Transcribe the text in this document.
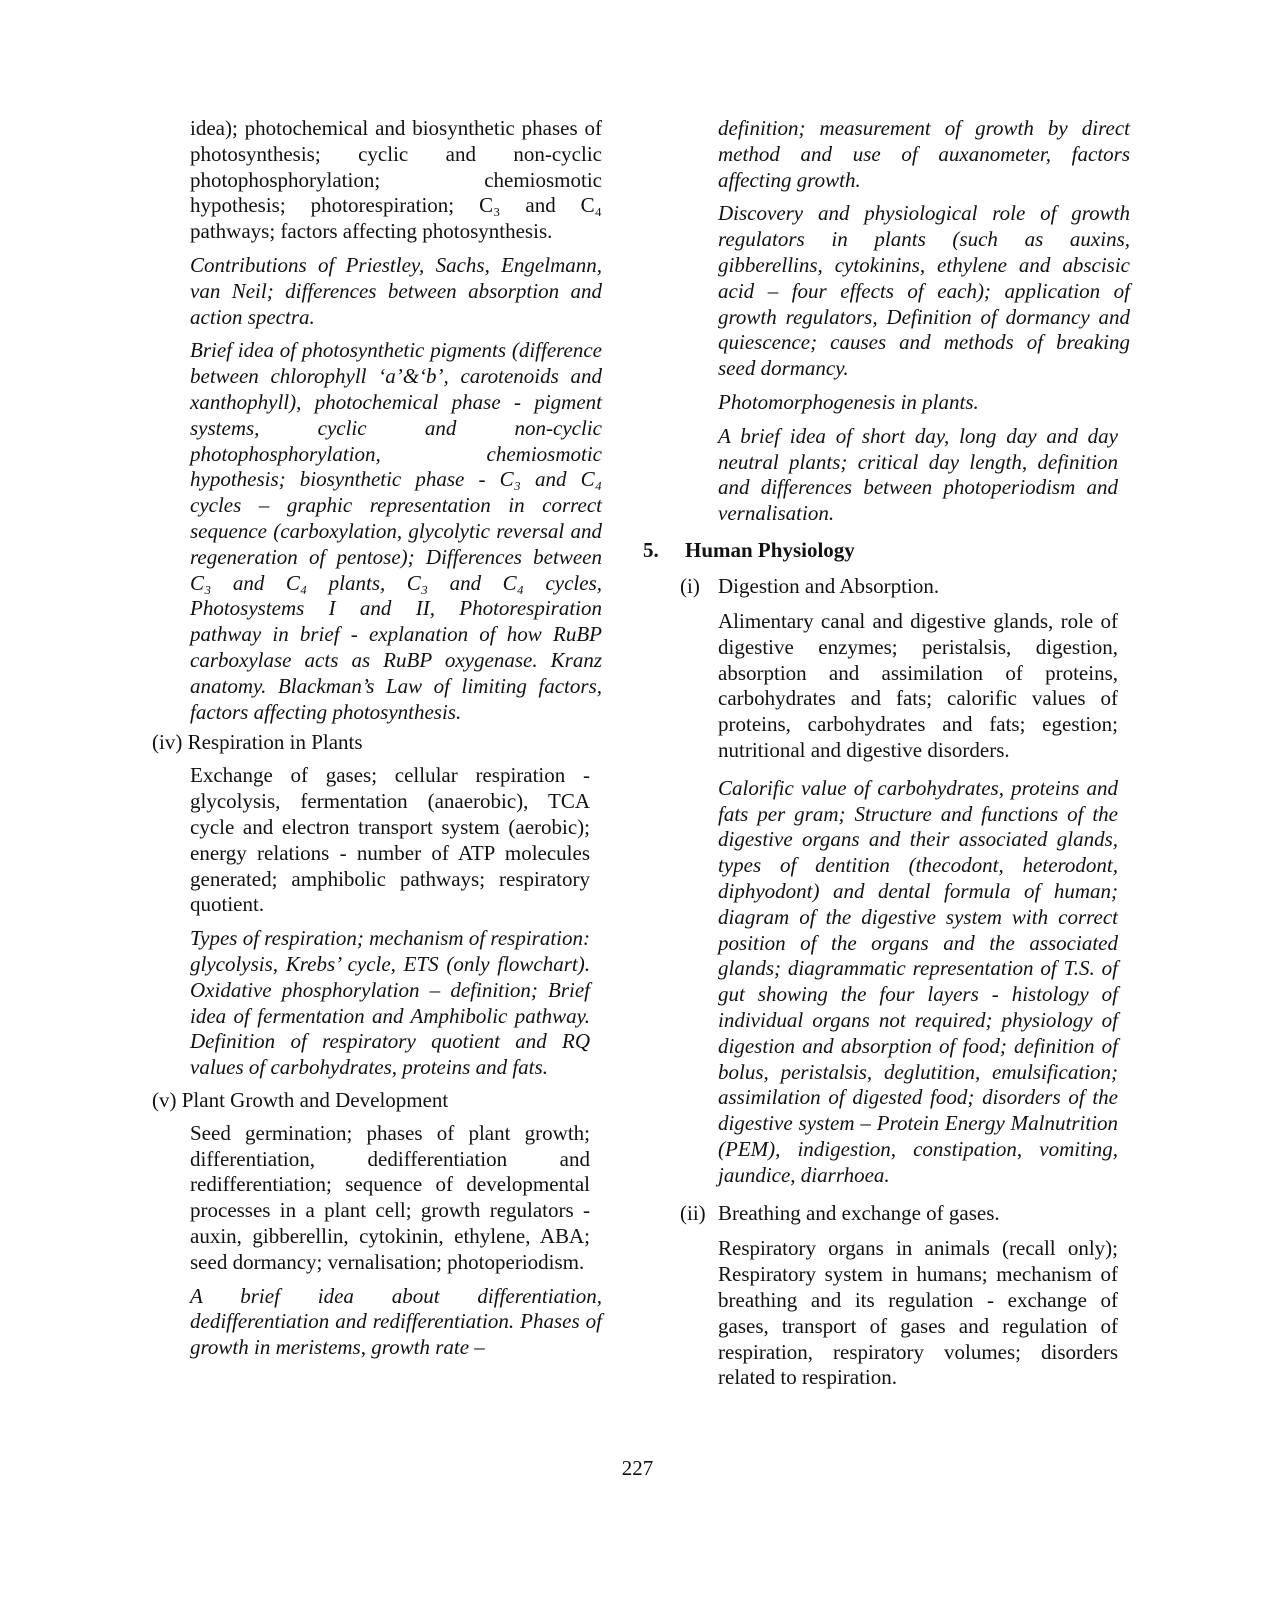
idea); photochemical and biosynthetic phases of photosynthesis; cyclic and non-cyclic photophosphorylation; chemiosmotic hypothesis; photorespiration; C₃ and C₄ pathways; factors affecting photosynthesis.

Contributions of Priestley, Sachs, Engelmann, van Neil; differences between absorption and action spectra.

Brief idea of photosynthetic pigments (difference between chlorophyll ‘a’&‘b’, carotenoids and xanthophyll), photochemical phase - pigment systems, cyclic and non-cyclic photophosphorylation, chemiosmotic hypothesis; biosynthetic phase - C₃ and C₄ cycles – graphic representation in correct sequence (carboxylation, glycolytic reversal and regeneration of pentose); Differences between C₃ and C₄ plants, C₃ and C₄ cycles, Photosystems I and II, Photorespiration pathway in brief - explanation of how RuBP carboxylase acts as RuBP oxygenase. Kranz anatomy. Blackman’s Law of limiting factors, factors affecting photosynthesis.

(iv) Respiration in Plants

Exchange of gases; cellular respiration - glycolysis, fermentation (anaerobic), TCA cycle and electron transport system (aerobic); energy relations - number of ATP molecules generated; amphibolic pathways; respiratory quotient.

Types of respiration; mechanism of respiration: glycolysis, Krebs’ cycle, ETS (only flowchart). Oxidative phosphorylation – definition; Brief idea of fermentation and Amphibolic pathway. Definition of respiratory quotient and RQ values of carbohydrates, proteins and fats.

(v) Plant Growth and Development

Seed germination; phases of plant growth; differentiation, dedifferentiation and redifferentiation; sequence of developmental processes in a plant cell; growth regulators - auxin, gibberellin, cytokinin, ethylene, ABA; seed dormancy; vernalisation; photoperiodism.

A brief idea about differentiation, dedifferentiation and redifferentiation. Phases of growth in meristems, growth rate –

definition; measurement of growth by direct method and use of auxanometer, factors affecting growth.

Discovery and physiological role of growth regulators in plants (such as auxins, gibberellins, cytokinins, ethylene and abscisic acid – four effects of each); application of growth regulators, Definition of dormancy and quiescence; causes and methods of breaking seed dormancy.

Photomorphogenesis in plants.

A brief idea of short day, long day and day neutral plants; critical day length, definition and differences between photoperiodism and vernalisation.

5. Human Physiology
(i) Digestion and Absorption.

Alimentary canal and digestive glands, role of digestive enzymes; peristalsis, digestion, absorption and assimilation of proteins, carbohydrates and fats; calorific values of proteins, carbohydrates and fats; egestion; nutritional and digestive disorders.

Calorific value of carbohydrates, proteins and fats per gram; Structure and functions of the digestive organs and their associated glands, types of dentition (thecodont, heterodont, diphyodont) and dental formula of human; diagram of the digestive system with correct position of the organs and the associated glands; diagrammatic representation of T.S. of gut showing the four layers - histology of individual organs not required; physiology of digestion and absorption of food; definition of bolus, peristalsis, deglutition, emulsification; assimilation of digested food; disorders of the digestive system – Protein Energy Malnutrition (PEM), indigestion, constipation, vomiting, jaundice, diarrhoea.

(ii) Breathing and exchange of gases.

Respiratory organs in animals (recall only); Respiratory system in humans; mechanism of breathing and its regulation - exchange of gases, transport of gases and regulation of respiration, respiratory volumes; disorders related to respiration.

227
